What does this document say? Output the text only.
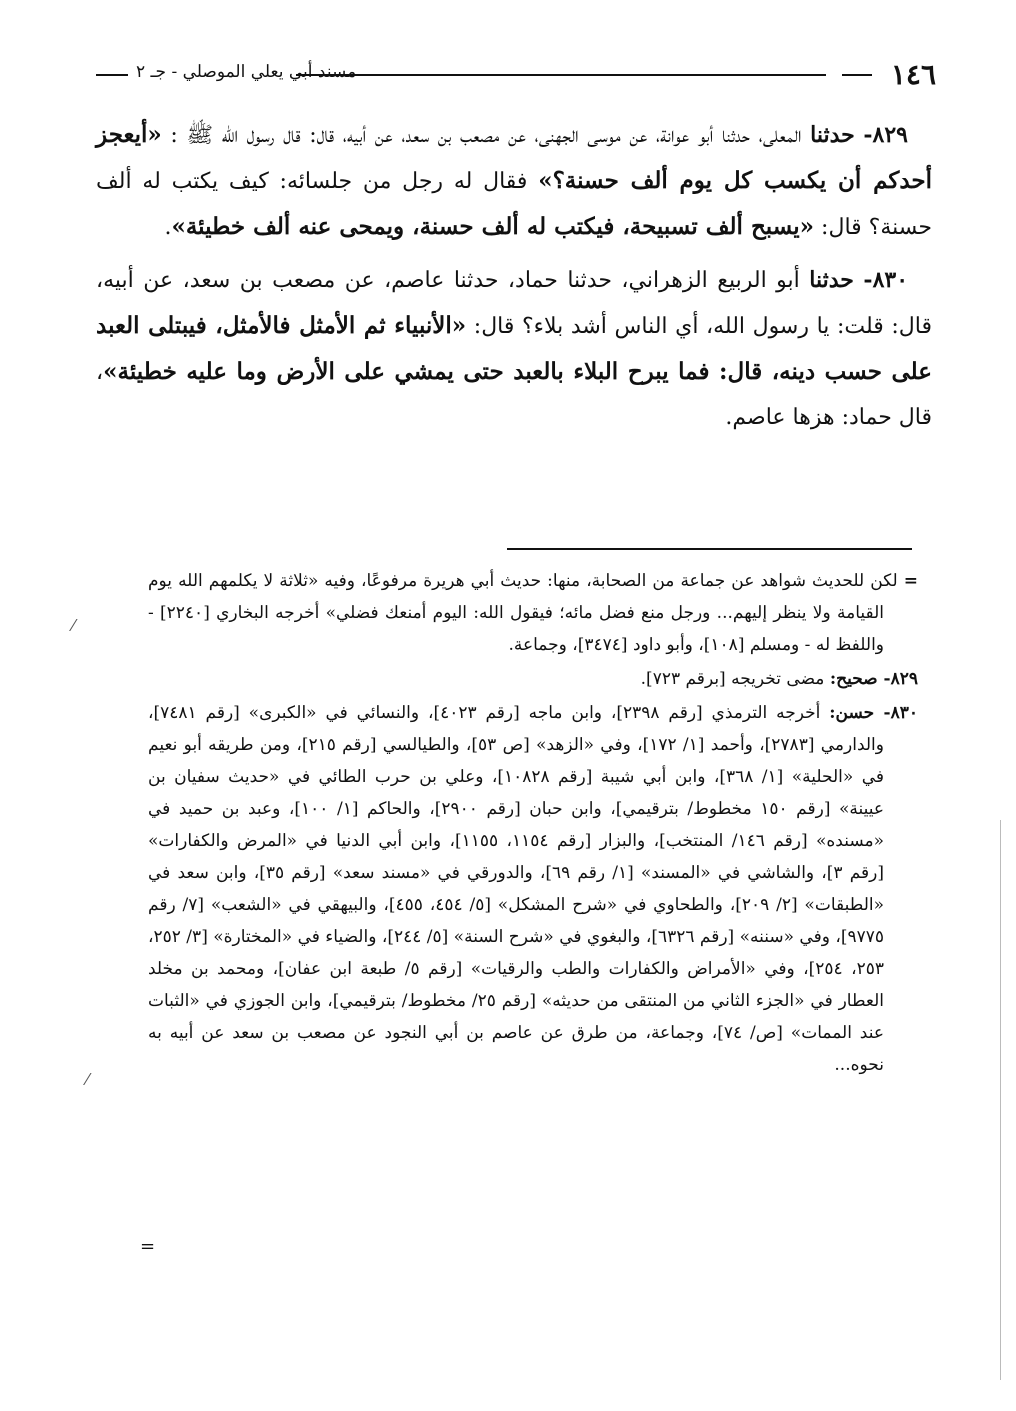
١٤٦
مسند أبي يعلي الموصلي - جـ ٢

٨٢٩- حدثنا المعلى، حدثنا أبو عوانة، عن موسى الجهنى، عن مصعب بن سعد، عن أبيه، قال: قال رسول الله ﷺ : «أيعجز أحدكم أن يكسب كل يوم ألف حسنة؟» فقال له رجل من جلسائه: كيف يكتب له ألف حسنة؟ قال: «يسبح ألف تسبيحة، فيكتب له ألف حسنة، ويمحى عنه ألف خطيئة».

٨٣٠- حدثنا أبو الربيع الزهراني، حدثنا حماد، حدثنا عاصم، عن مصعب بن سعد، عن أبيه، قال: قلت: يا رسول الله، أي الناس أشد بلاء؟ قال: «الأنبياء ثم الأمثل فالأمثل، فيبتلى العبد على حسب دينه، قال: فما يبرح البلاء بالعبد حتى يمشي على الأرض وما عليه خطيئة»، قال حماد: هزها عاصم.

= لكن للحديث شواهد عن جماعة من الصحابة، منها: حديث أبي هريرة مرفوعًا، وفيه «ثلاثة لا يكلمهم الله يوم القيامة ولا ينظر إليهم... ورجل منع فضل مائه؛ فيقول الله: اليوم أمنعك فضلي» أخرجه البخاري [٢٢٤٠] - واللفظ له - ومسلم [١٠٨]، وأبو داود [٣٤٧٤]، وجماعة.

٨٢٩- صحيح: مضى تخريجه [برقم ٧٢٣].

٨٣٠- حسن: أخرجه الترمذي [رقم ٢٣٩٨]، وابن ماجه [رقم ٤٠٢٣]، والنسائي في «الكبرى» [رقم ٧٤٨١]، والدارمي [٢٧٨٣]، وأحمد [١/ ١٧٢]، وفي «الزهد» [ص ٥٣]، والطيالسي [رقم ٢١٥]، ومن طريقه أبو نعيم في «الحلية» [١/ ٣٦٨]، وابن أبي شيبة [رقم ١٠٨٢٨]، وعلي بن حرب الطائي في «حديث سفيان بن عيينة» [رقم ١٥٠ مخطوط/ بترقيمي]، وابن حبان [رقم ٢٩٠٠]، والحاكم [١/ ١٠٠]، وعبد بن حميد في «مسنده» [رقم ١٤٦/ المنتخب]، والبزار [رقم ١١٥٤، ١١٥٥]، وابن أبي الدنيا في «المرض والكفارات» [رقم ٣]، والشاشي في «المسند» [١/ رقم ٦٩]، والدورقي في «مسند سعد» [رقم ٣٥]، وابن سعد في «الطبقات» [٢/ ٢٠٩]، والطحاوي في «شرح المشكل» [٥/ ٤٥٤، ٤٥٥]، والبيهقي في «الشعب» [٧/ رقم ٩٧٧٥]، وفي «سننه» [رقم ٦٣٢٦]، والبغوي في «شرح السنة» [٥/ ٢٤٤]، والضياء في «المختارة» [٣/ ٢٥٢، ٢٥٣، ٢٥٤]، وفي «الأمراض والكفارات والطب والرقيات» [رقم ٥/ طبعة ابن عفان]، ومحمد بن مخلد العطار في «الجزء الثاني من المنتقى من حديثه» [رقم ٢٥/ مخطوط/ بترقيمي]، وابن الجوزي في «الثبات عند الممات» [ص/ ٧٤]، وجماعة، من طرق عن عاصم بن أبي النجود عن مصعب بن سعد عن أبيه به نحوه...

=
⁄
⁄
